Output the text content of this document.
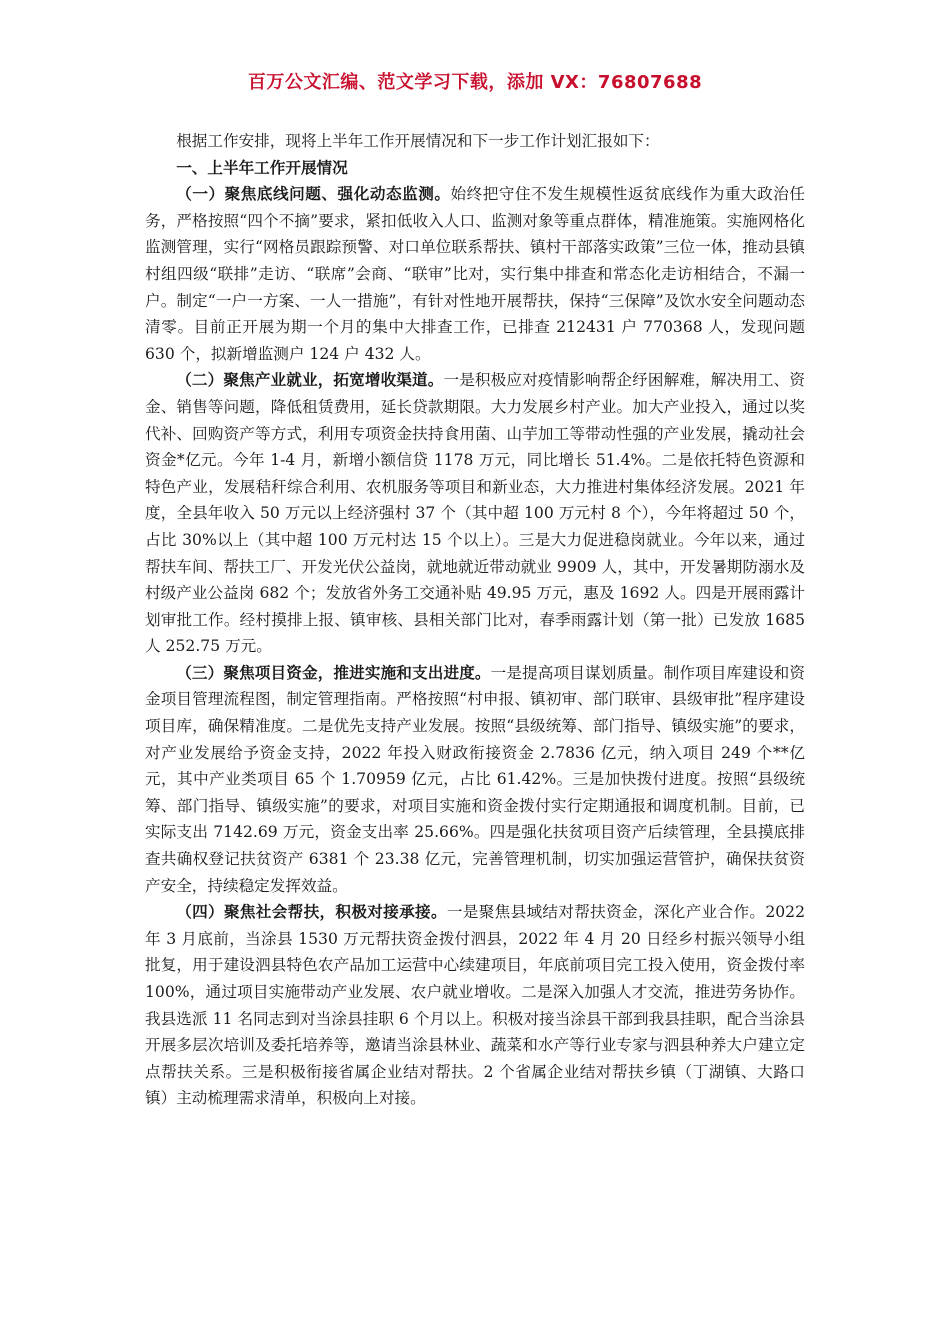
百万公文汇编、范文学习下载，添加 VX：76807688

根据工作安排，现将上半年工作开展情况和下一步工作计划汇报如下：

一、上半年工作开展情况

（一）聚焦底线问题、强化动态监测。始终把守住不发生规模性返贫底线作为重大政治任务，严格按照“四个不摘”要求，紧扣低收入人口、监测对象等重点群体，精准施策。实施网格化监测管理，实行“网格员跟踪预警、对口单位联系帮扶、镇村干部落实政策”三位一体，推动县镇村组四级“联排”走访、“联席”会商、“联审”比对，实行集中排查和常态化走访相结合，不漏一户。制定“一户一方案、一人一措施”，有针对性地开展帮扶，保持“三保障”及饮水安全问题动态清零。目前正开展为期一个月的集中大排查工作，已排查 212431 户 770368 人，发现问题 630 个，拟新增监测户 124 户 432 人。

（二）聚焦产业就业，拓宽增收渠道。一是积极应对疫情影响帮企纾困解难，解决用工、资金、销售等问题，降低租赁费用，延长贷款期限。大力发展乡村产业。加大产业投入，通过以奖代补、回购资产等方式，利用专项资金扶持食用菌、山芋加工等带动性强的产业发展，撬动社会资金*亿元。今年 1-4 月，新增小额信贷 1178 万元，同比增长 51.4%。二是依托特色资源和特色产业，发展秸秆综合利用、农机服务等项目和新业态，大力推进村集体经济发展。2021 年度，全县年收入 50 万元以上经济强村 37 个（其中超 100 万元村 8 个），今年将超过 50 个，占比 30%以上（其中超 100 万元村达 15 个以上）。三是大力促进稳岗就业。今年以来，通过帮扶车间、帮扶工厂、开发光伏公益岗，就地就近带动就业 9909 人，其中，开发暑期防溺水及村级产业公益岗 682 个；发放省外务工交通补贴 49.95 万元，惠及 1692 人。四是开展雨露计划审批工作。经村摸排上报、镇审核、县相关部门比对，春季雨露计划（第一批）已发放 1685 人 252.75 万元。

（三）聚焦项目资金，推进实施和支出进度。一是提高项目谋划质量。制作项目库建设和资金项目管理流程图，制定管理指南。严格按照“村申报、镇初审、部门联审、县级审批”程序建设项目库，确保精准度。二是优先支持产业发展。按照“县级统筹、部门指导、镇级实施”的要求，对产业发展给予资金支持，2022 年投入财政衔接资金 2.7836 亿元，纳入项目 249 个**亿元，其中产业类项目 65 个 1.70959 亿元，占比 61.42%。三是加快拨付进度。按照“县级统筹、部门指导、镇级实施”的要求，对项目实施和资金拨付实行定期通报和调度机制。目前，已实际支出 7142.69 万元，资金支出率 25.66%。四是强化扶贫项目资产后续管理，全县摸底排查共确权登记扶贫资产 6381 个 23.38 亿元，完善管理机制，切实加强运营管护，确保扶贫资产安全，持续稳定发挥效益。

（四）聚焦社会帮扶，积极对接承接。一是聚焦县域结对帮扶资金，深化产业合作。2022 年 3 月底前，当涂县 1530 万元帮扶资金拨付泗县，2022 年 4 月 20 日经乡村振兴领导小组批复，用于建设泗县特色农产品加工运营中心续建项目，年底前项目完工投入使用，资金拨付率 100%，通过项目实施带动产业发展、农户就业增收。二是深入加强人才交流，推进劳务协作。我县选派 11 名同志到对当涂县挂职 6 个月以上。积极对接当涂县干部到我县挂职，配合当涂县开展多层次培训及委托培养等，邀请当涂县林业、蔬菜和水产等行业专家与泗县种养大户建立定点帮扶关系。三是积极衔接省属企业结对帮扶。2 个省属企业结对帮扶乡镇（丁湖镇、大路口镇）主动梳理需求清单，积极向上对接。
